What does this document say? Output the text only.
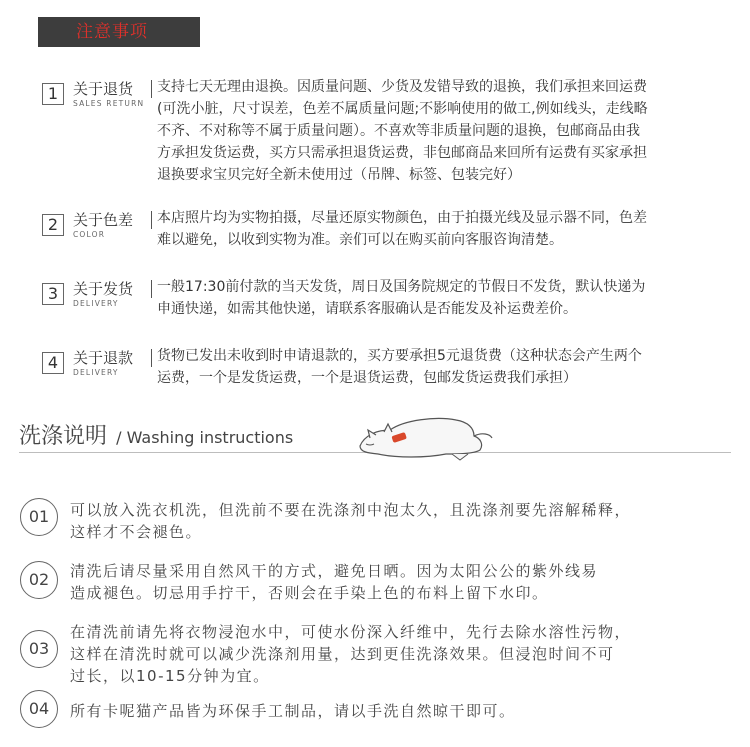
注意事项
1 关于退货
SALES RETURN

支持七天无理由退换。因质量问题、少货及发错导致的退换，我们承担来回运费
(可洗小脏，尺寸误差，色差不属质量问题;不影响使用的做工,例如线头，走线略
不齐、不对称等不属于质量问题）。不喜欢等非质量问题的退换，包邮商品由我
方承担发货运费，买方只需承担退货运费，非包邮商品来回所有运费有买家承担
退换要求宝贝完好全新未使用过（吊牌、标签、包装完好）

2 关于色差
COLOR

本店照片均为实物拍摄，尽量还原实物颜色，由于拍摄光线及显示器不同，色差
难以避免，以收到实物为准。亲们可以在购买前向客服咨询清楚。

3 关于发货
DELIVERY

一般17:30前付款的当天发货，周日及国务院规定的节假日不发货，默认快递为
申通快递，如需其他快递，请联系客服确认是否能发及补运费差价。

4 关于退款
DELIVERY

货物已发出未收到时申请退款的，买方要承担5元退货费（这种状态会产生两个
运费，一个是发货运费，一个是退货运费，包邮发货运费我们承担）

洗涤说明 / Washing instructions
01	可以放入洗衣机洗，但洗前不要在洗涤剂中泡太久，且洗涤剂要先溶解稀释，
这样才不会褪色。

02	清洗后请尽量采用自然风干的方式，避免日晒。因为太阳公公的紫外线易
造成褪色。切忌用手拧干，否则会在手染上色的布料上留下水印。

03

在清洗前请先将衣物浸泡水中，可使水份深入纤维中，先行去除水溶性污物，
这样在清洗时就可以减少洗涤剂用量，达到更佳洗涤效果。但浸泡时间不可
过长，以10-15分钟为宜。

04	所有卡呢猫产品皆为环保手工制品，请以手洗自然晾干即可。
